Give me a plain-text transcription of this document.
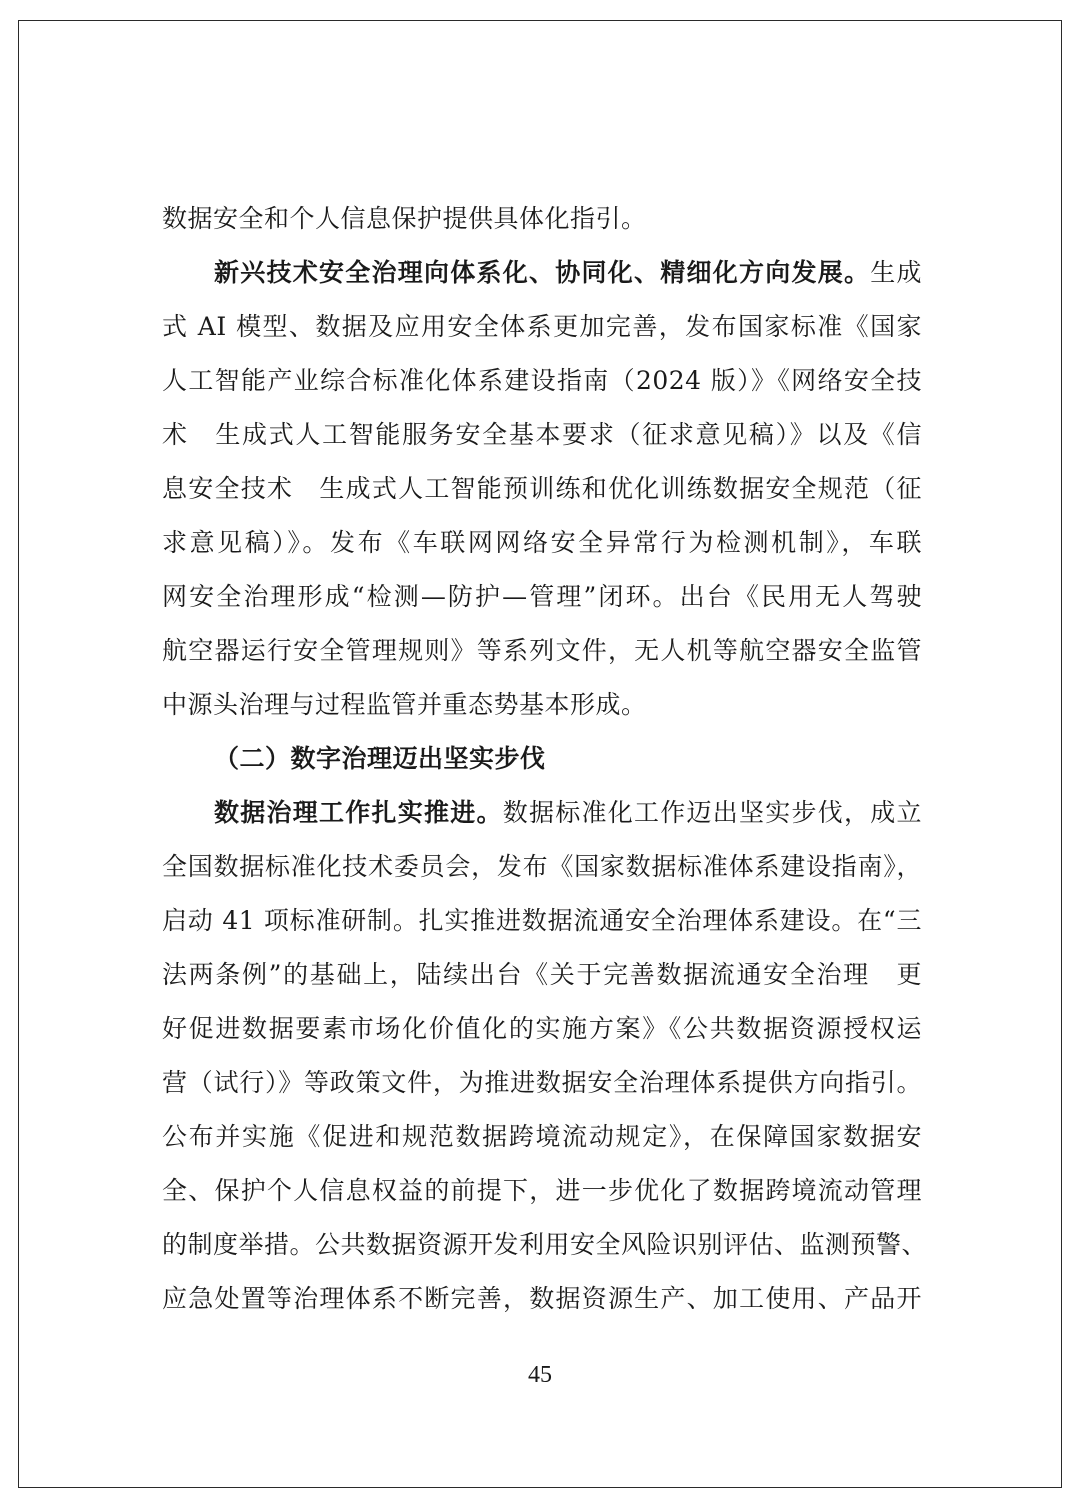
数据安全和个人信息保护提供具体化指引。
新兴技术安全治理向体系化、协同化、精细化方向发展。生成
式 AI 模型、数据及应用安全体系更加完善，发布国家标准《国家
人工智能产业综合标准化体系建设指南（2024 版）》《网络安全技
术　生成式人工智能服务安全基本要求（征求意见稿）》以及《信
息安全技术　生成式人工智能预训练和优化训练数据安全规范（征
求意见稿）》。发布《车联网网络安全异常行为检测机制》，车联
网安全治理形成“检测—防护—管理”闭环。出台《民用无人驾驶
航空器运行安全管理规则》等系列文件，无人机等航空器安全监管
中源头治理与过程监管并重态势基本形成。
（二）数字治理迈出坚实步伐
数据治理工作扎实推进。数据标准化工作迈出坚实步伐，成立
全国数据标准化技术委员会，发布《国家数据标准体系建设指南》，
启动 41 项标准研制。扎实推进数据流通安全治理体系建设。在“三
法两条例”的基础上，陆续出台《关于完善数据流通安全治理　更
好促进数据要素市场化价值化的实施方案》《公共数据资源授权运
营（试行）》等政策文件，为推进数据安全治理体系提供方向指引。
公布并实施《促进和规范数据跨境流动规定》，在保障国家数据安
全、保护个人信息权益的前提下，进一步优化了数据跨境流动管理
的制度举措。公共数据资源开发利用安全风险识别评估、监测预警、
应急处置等治理体系不断完善，数据资源生产、加工使用、产品开
45
